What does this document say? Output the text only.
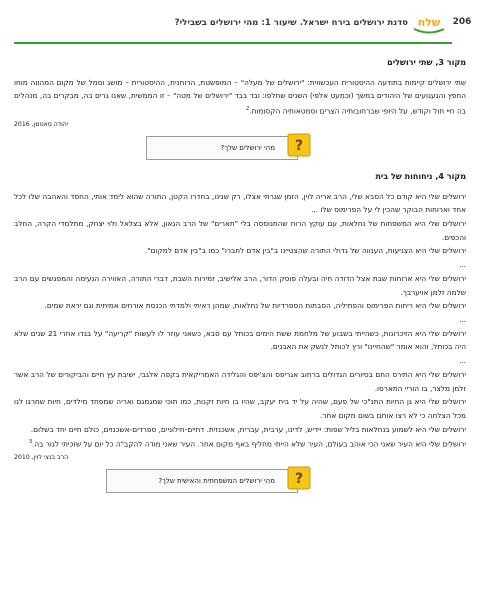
206
שלח
סדנת ירושלים בירח ישראל. שיעור 1: מהי ירושלים בשבילי?

מקור 3, שתי ירושלים

שתי ירושלים קיימות בתודעה ההיסטורית העכשווית: "ירושלים של מעלה" – המופשטת, הרוחנית, ההיסטורית – מושג וסמל של מקום המהווה מוחו החפץ והגעגועים של היהודים במשך (וכמעט אלפי) השנים שחלפו: ובד בבד "ירושלים של מטה" – זו הממשית, שאנו גרים בה, מבקרים בה, מנהלים בה חיי חול וקודש, על היופי שברחובותיה הצרים וסמטאותיה הקסומות.$^2$

יהודה סאטמן, 2016

מהי ירושלים שלך? ?

מקור 4, ניחוחות של בית

ירושלים שלי היא קודם כל הסבא שלי, הרב אריה לוין, הזמן שגרתי אצלו, רק שנינו, בחדרו הקטן, התורה שהוא לימד אותי, החסד והאהבה שלו לכל אחד וארוחות הבוקר שהכין לי על הפרימוס שלו ...

ירושלים שלי היא המשפחות של נחלאות, עם עוקץ הרוח שהתנוססה בלי "תארים" של הרב הגאון, אלא בצלאל ולוי יצחק, מתלמדי הקרה, החלב והכפים.

ירושלים שלי היא הצניעות, הענווה של גדולי התורה שהצטיינו ב"בין אדם לחברו" כמו ב"בין אדם למקום".

...

ירושלים שלי היא ארוחות שבת אצל הדודה חיה ובעלה פוסק הדור, הרב אלישיב, זמירות השבת, דברי התורה, האווירה הנעימה והמפגשים עם הרב שלמה זלמן אויערבך.

ירושלים שלי היא ריחות הפרימוס והפתיליה, הסבתות הספרדיות של נחלאות, שמהן ראיתי ולמדתי הכנסת אורחים אמיתית וגם יראת שמים.

...

ירושלים שלי היא הזיכרונות, כשהייתי בשבוע של מלחמת ששת הימים בכותל עם סבא, כשאני עוזר לו לעשות "קריעה" על בגדו אחרי 21 שנים שלא היה בכותל, והוא אומר "שהחיינו" ורץ לכותל לנשק את האבנים.

...

ירושלים שלי היא התירס החם בסיורים הגדולים ברחוב אגריפס והצ'יפס והגלידה האמריקאית בקפה אלגבי, ישיבת עץ חיים והביקורים של הרב אשר זלמן מלצר, בו הוריי התארסו.

ירושלים שלי היא גן החיות התנ"כי של פעם, שהיה על יד בית יעקב, שהיו בו חיות זקנות, כמו תוכי שמגמגם ואריה שמפחד מילדים, חיות שחרגו לנו מכל הצלחה כי לא רצו אותם בשום מקום אחר.

ירושלים שלי היא לשמוע בנחלאות בליל שפות: יידיש, לדינו, ערבית, עברית, אשכנזית. דתיים-חילוניים, ספרדים-אשכנזים, כולם חיים יחד בשלום.

ירושלים שלי היא העיר שאני הכי אוהב בעולם, העיר שלא הייתי מחליף באף מקום אחר. העיר שאני מודה להקב"ה כל יום על שזכיתי לגור בה.$^3$

הרב בנצי לוין, 2010

מהי ירושלים המשפחתית והאישית שלך? ?
